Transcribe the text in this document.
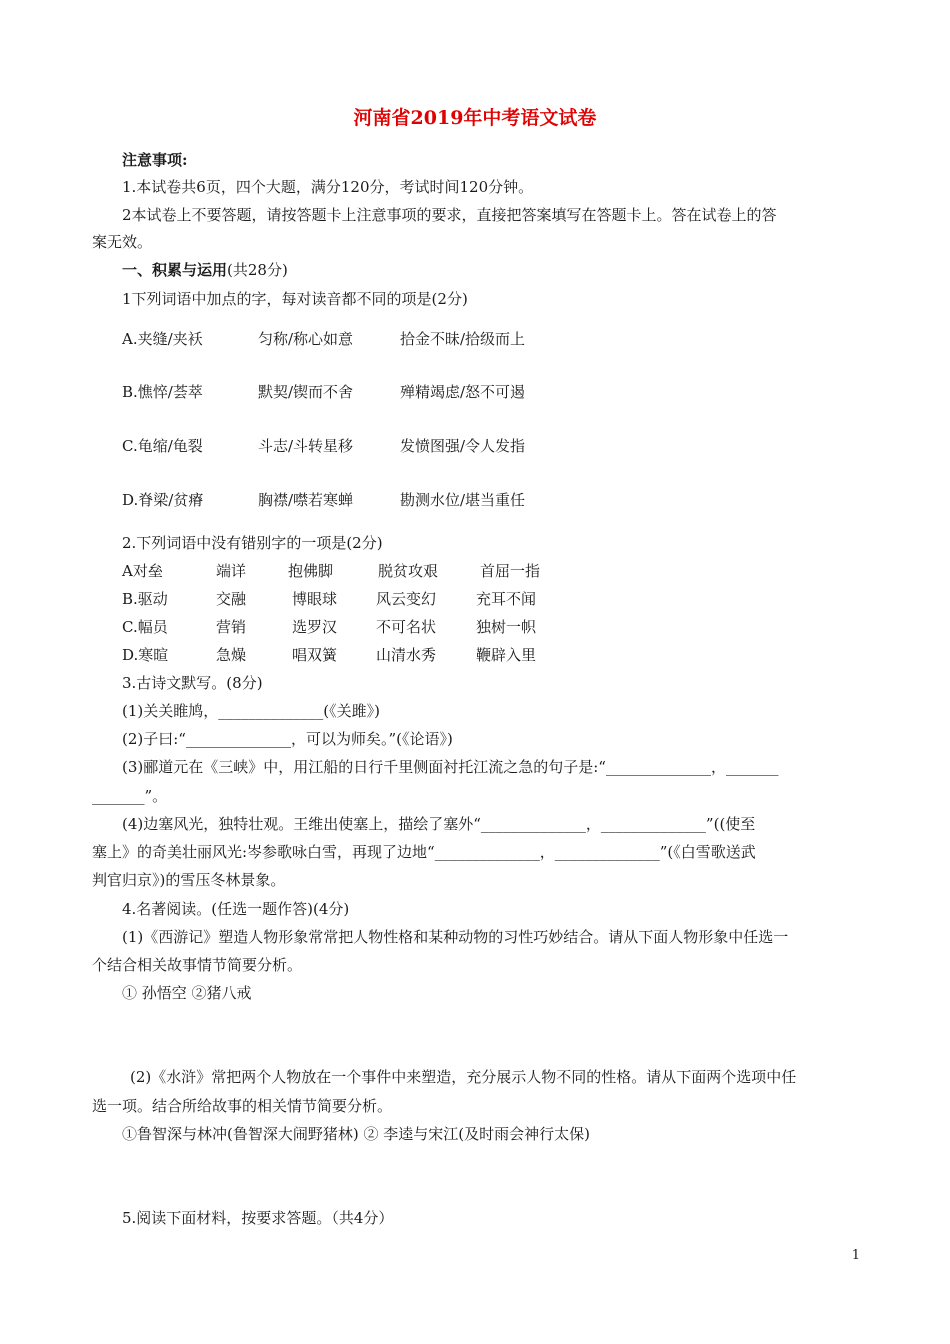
河南省2019年中考语文试卷
注意事项:
1.本试卷共6页，四个大题，满分120分，考试时间120分钟。
2本试卷上不要答题，请按答题卡上注意事项的要求，直接把答案填写在答题卡上。答在试卷上的答
案无效。
一、积累与运用(共28分)
1下列词语中加点的字，每对读音都不同的项是(2分)
A.夹缝/夹袄	匀称/称心如意	拾金不昧/拾级而上
B.憔悴/荟萃	默契/锲而不舍	殚精竭虑/怒不可遏
C.龟缩/龟裂	斗志/斗转星移	发愤图强/令人发指
D.脊梁/贫瘠	胸襟/噤若寒蝉	勘测水位/堪当重任
2.下列词语中没有错别字的一项是(2分)
A对垒	端详	抱佛脚	脱贫攻艰	首屈一指
B.驱动	交融	博眼球	风云变幻	充耳不闻
C.幅员	营销	选罗汉	不可名状	独树一帜
D.寒暄	急燥	唱双簧	山清水秀	鞭辟入里
3.古诗文默写。(8分)
(1)关关睢鸠，______________(《关雎》)
(2)子曰:“______________，可以为师矣。”(《论语》)
(3)郦道元在《三峡》中，用江船的日行千里侧面衬托江流之急的句子是:“______________，_______
_______”。
(4)边塞风光，独特壮观。王维出使塞上，描绘了塞外“______________，______________”((使至
塞上》的奇美壮丽风光:岑参歌咏白雪，再现了边地“______________，______________”(《白雪歌送武
判官归京》)的雪压冬林景象。
4.名著阅读。(任选一题作答)(4分)
(1)《西游记》塑造人物形象常常把人物性格和某种动物的习性巧妙结合。请从下面人物形象中任选一
个结合相关故事情节简要分析。
① 孙悟空 ②猪八戒
(2)《水浒》常把两个人物放在一个事件中来塑造，充分展示人物不同的性格。请从下面两个选项中任
选一项。结合所给故事的相关情节简要分析。
①鲁智深与林冲(鲁智深大闹野猪林) ② 李逵与宋江(及时雨会神行太保)
5.阅读下面材料，按要求答题。（共4分）
1
